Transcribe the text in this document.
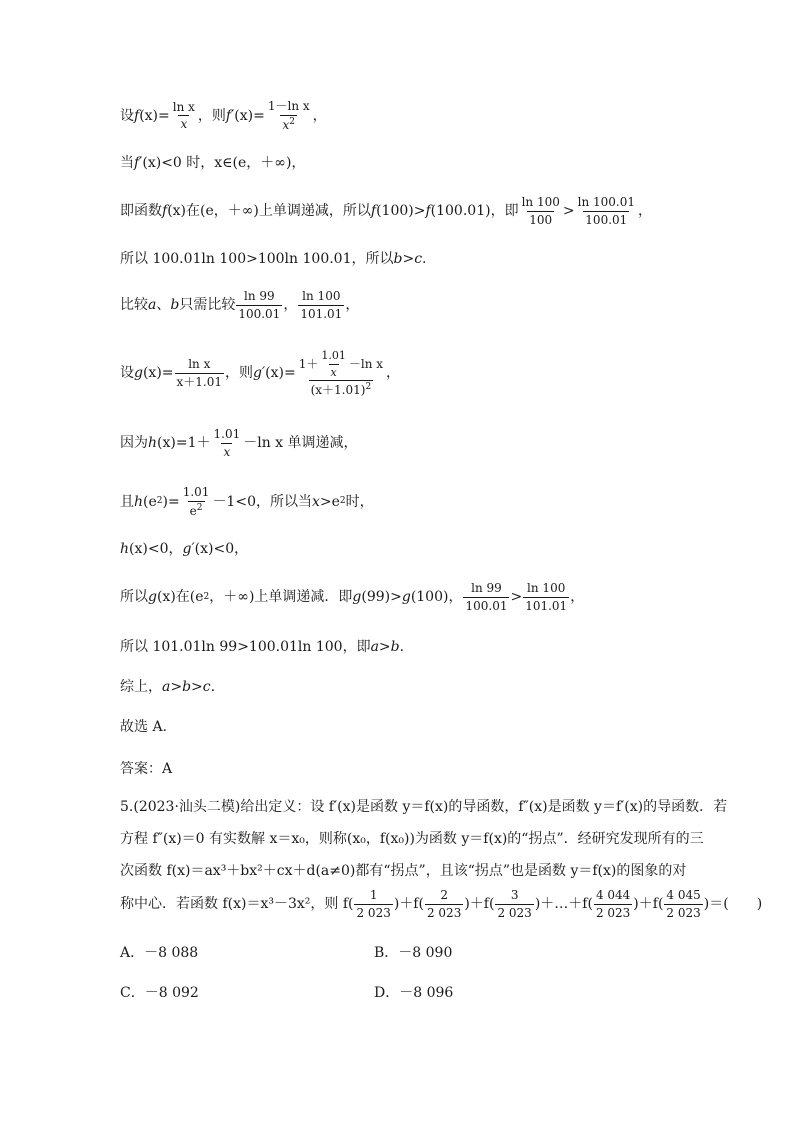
设 f $(x)= \frac{\text{ln x}}{x}$ ，则 f′ $(x)= \frac{\text{1－ln x}}{x^2}$ ，
当 f′ (x)<0 时，x∈(e，＋∞)，
即函数 f (x)在(e，＋∞)上单调递减，所以 f (100)> f (100.01)，即 $\frac{\ln 100}{100} > \frac{\ln 100.01}{100.01}$ ，
所以 100.01ln 100>100ln 100.01，所以 b>c .
比较 a 、 b 只需比较 $\frac{\ln 99}{100.01}$ ， $\frac{\ln 100}{101.01}$ ，
设 g $(x)= \frac{\text{ln x}}{x+1.01}$ ，则 g′ (x)=
$1+ \frac{1.01}{x} -\ln$ x
$(x+1.01)^2$
，
因为 h $(x)=1+ \frac{1.01}{x} -\ln$ x 单调递减，
且 h (e 2 )= $\frac{1.01}{e^2} -1<0$，所以当 x >e 2 时，
h (x)<0， g′ (x)<0，
所以 g (x)在(e 2 ，＋∞)上单调递减．即 g (99)> g (100)， $\frac{\ln 99}{100.01} > \frac{\ln 100}{101.01}$ ，
所以 101.01ln 99>100.01ln 100，即 a>b .
综上， a>b>c .
故选 A.
答案：A
5.(2023·汕头二模)给出定义：设 f′(x)是函数 y＝f(x)的导函数，f″(x)是函数 y＝f′(x)的导函数．若
方程 f″(x)＝0 有实数解 x＝x₀，则称(x₀，f(x₀))为函数 y＝f(x)的“拐点”．经研究发现所有的三
次函数 f(x)＝ax³＋bx²＋cx＋d(a≠0)都有“拐点”，且该“拐点”也是函数 y＝f(x)的图象的对
称中心．若函数 f(x)＝x³－3x²，则 f ( $\frac{1}{2 023}$ ) ＋f ( $\frac{2}{2 023}$ ) ＋f ( $\frac{3}{2 023}$ ) ＋…＋f ( $\frac{4 044}{2 023}$ ) ＋f ( $\frac{4 045}{2 023}$ ) ＝(　　)
A．－8 088	B．－8 090
C．－8 092	D．－8 096
